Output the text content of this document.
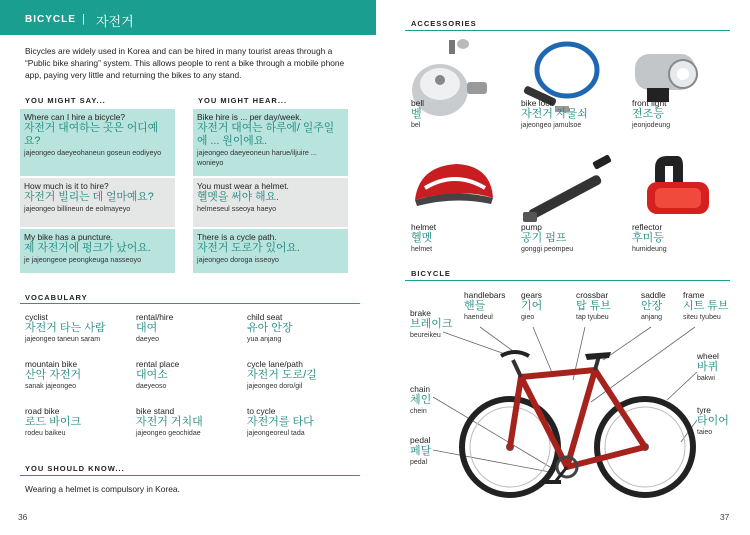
BICYCLE | 자전거
Bicycles are widely used in Korea and can be hired in many tourist areas through a “Public bike sharing” system. This allows people to rent a bike through a mobile phone app, paying very little and returning the bikes to any stand.
YOU MIGHT SAY...	YOU MIGHT HEAR...
Where can I hire a bicycle?
자전거 대여하는 곳은 어디예요?
jajeongeo daeyeohaneun goseun eodiyeyo
How much is it to hire?
자전거 빌리는 데 얼마예요?
jajeongeo billineun de eolmayeyo
My bike has a puncture.
제 자전거에 펑크가 났어요.
je jajeongeoe peongkeuga nasseoyo
Bike hire is ... per day/week.
자전거 대여는 하루에/ 일주일에 ... 원이에요.
jajeongeo daeyeoneun harue/iljuire ... wonieyo
You must wear a helmet.
헬멧을 써야 해요.
helmeseul sseoya haeyo
There is a cycle path.
자전거 도로가 있어요.
jajeongeo doroga isseoyo
VOCABULARY
cyclist
자전거 타는 사람
jajeongeo taneun saram
rental/hire
대여
daeyeo
child seat
유아 안장
yua anjang
mountain bike
산악 자전거
sanak jajeongeo
rental place
대여소
daeyeoso
cycle lane/path
자전거 도로/길
jajeongeo doro/gil
road bike
로드 바이크
rodeu baikeu
bike stand
자전거 거치대
jajeongeo geochidae
to cycle
자전거를 타다
jajeongeoreul tada
YOU SHOULD KNOW...
Wearing a helmet is compulsory in Korea.
36
ACCESSORIES
bell
벨
bel
bike lock
자전거 자물쇠
jajeongeo jamulsoe
front light
전조등
jeonjodeung
helmet
헬멧
helmet
pump
공기 펌프
gonggi peompeu
reflector
후미등
humideung
BICYCLE
handlebars
핸들
haendeul
gears
기어
gieo
crossbar
탑 튜브
tap tyubeu
saddle
안장
anjang
frame
시트 튜브
siteu tyubeu
brake
브레이크
beureikeu
wheel
바퀴
bakwi
chain
체인
chein	tyre
타이어
taieo
pedal
페달
pedal
37
